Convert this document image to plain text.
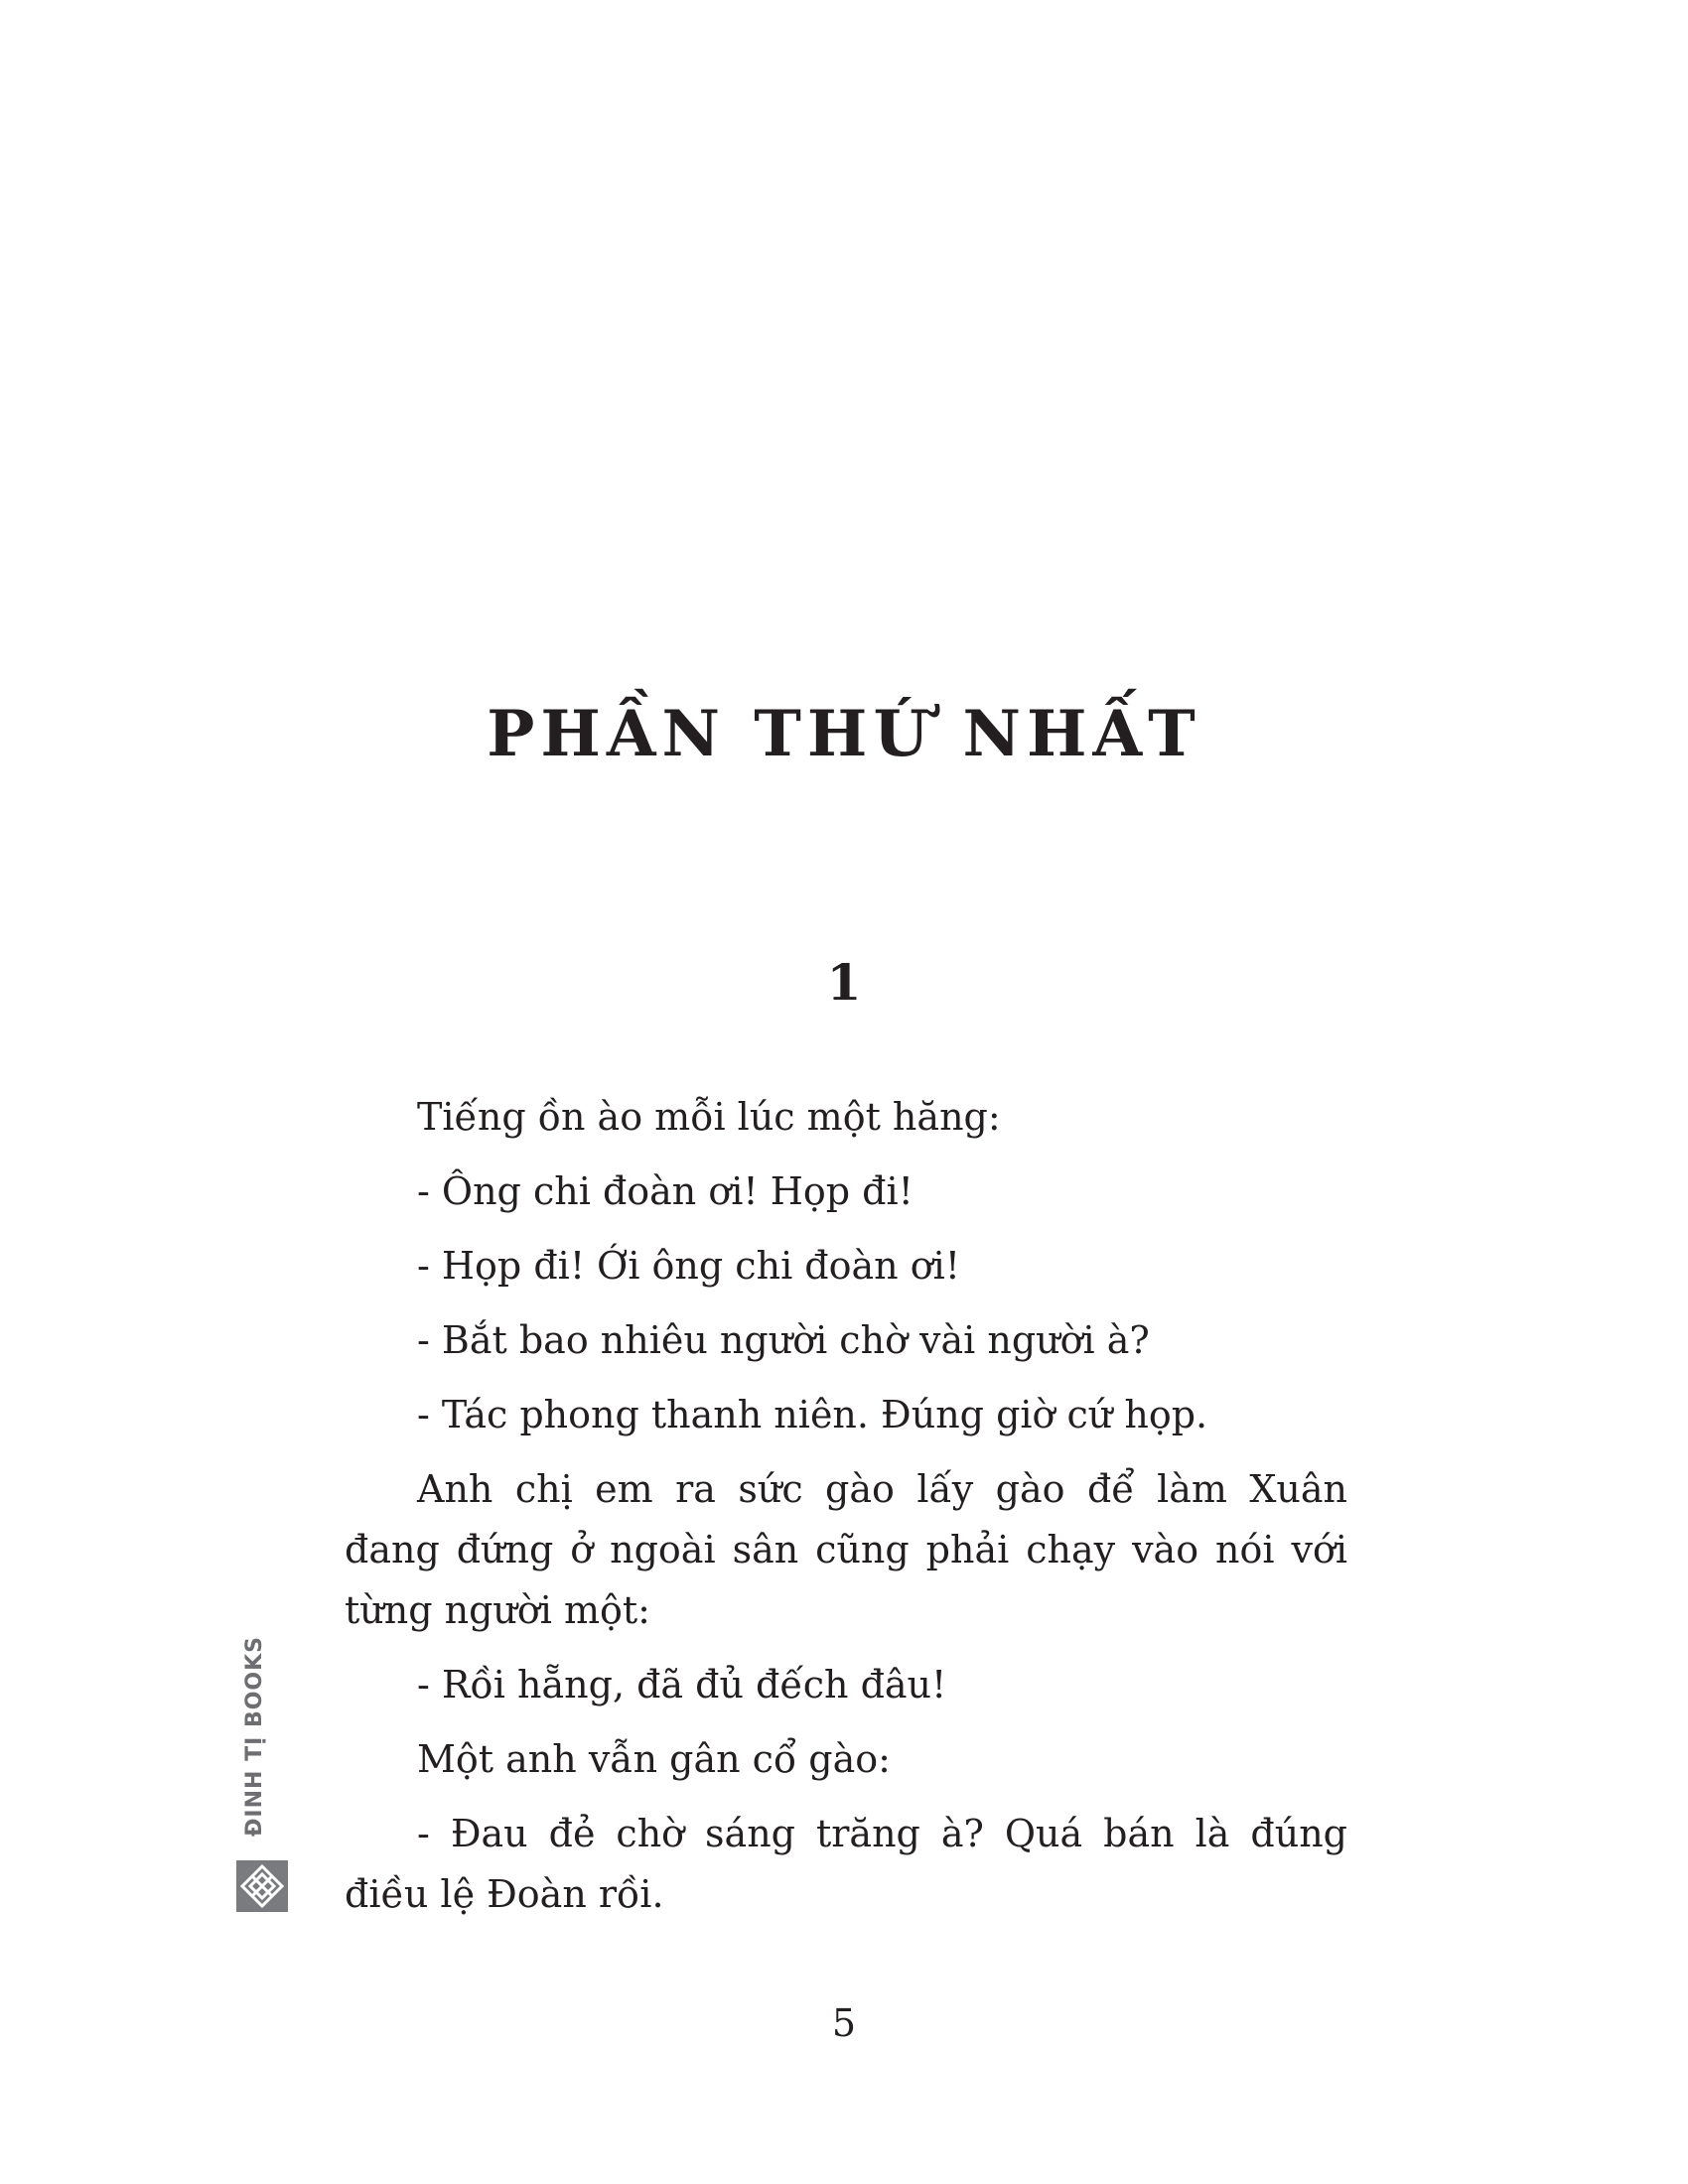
PHẦN THỨ NHẤT
1

Tiếng ồn ào mỗi lúc một hăng:

- Ông chi đoàn ơi! Họp đi!

- Họp đi! Ới ông chi đoàn ơi!

- Bắt bao nhiêu người chờ vài người à?

- Tác phong thanh niên. Đúng giờ cứ họp.

Anh chị em ra sức gào lấy gào để làm Xuân đang đứng ở ngoài sân cũng phải chạy vào nói với từng người một:

- Rồi hẵng, đã đủ đếch đâu!

Một anh vẫn gân cổ gào:

- Đau đẻ chờ sáng trăng à? Quá bán là đúng điều lệ Đoàn rồi.

ĐINH TỊ BOOKS
5
